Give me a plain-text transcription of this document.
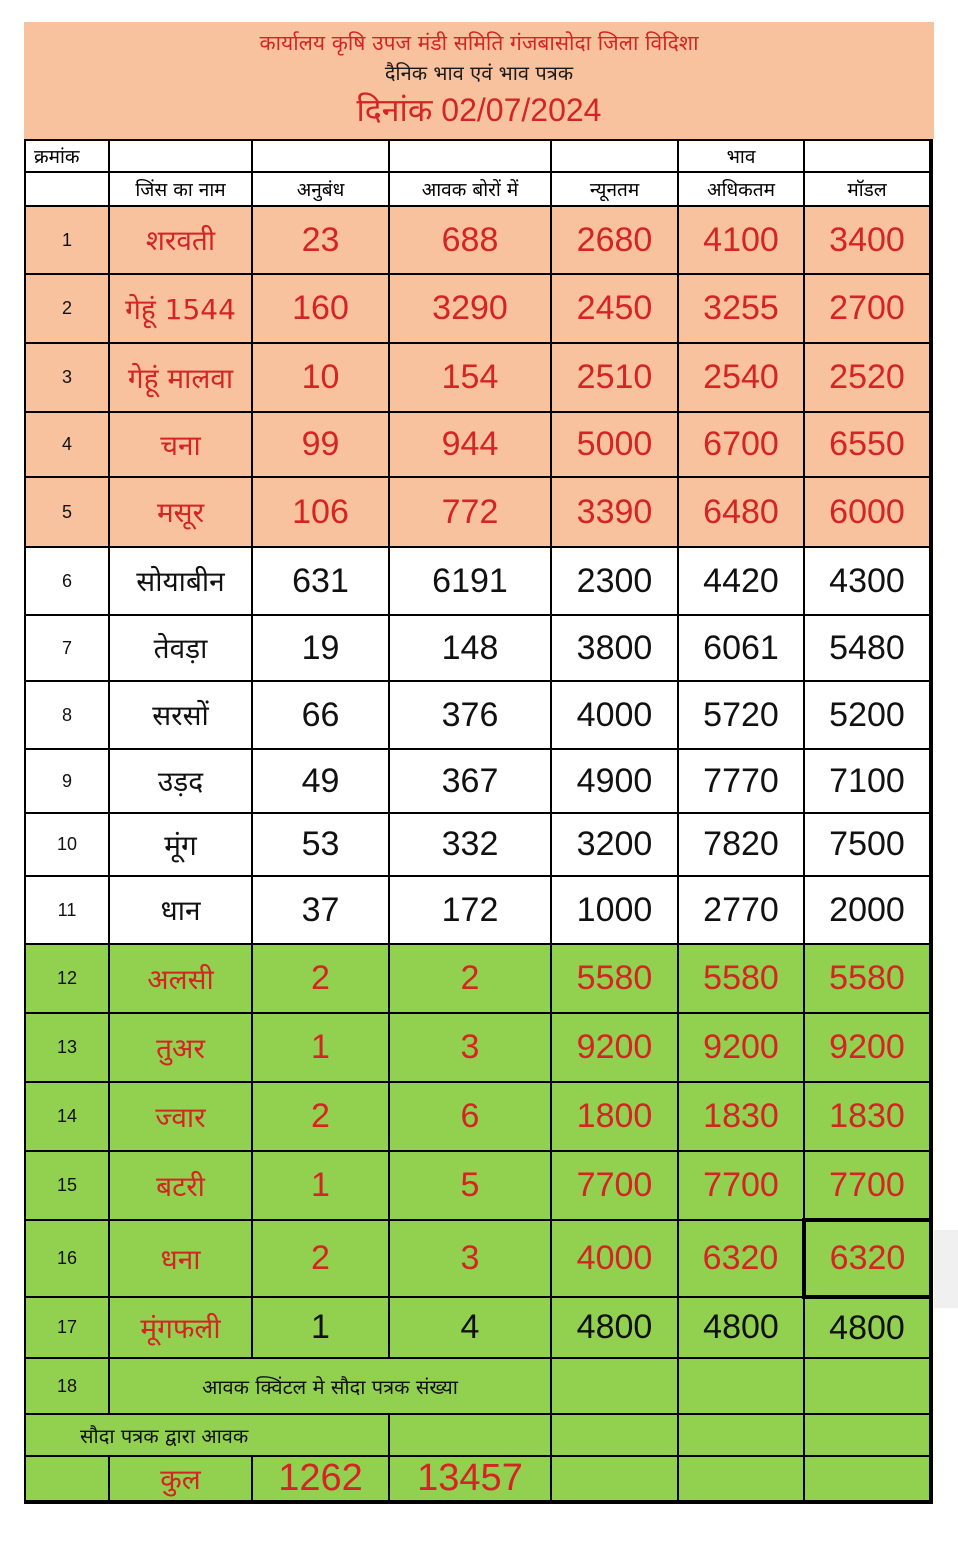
कार्यालय कृषि उपज मंडी समिति गंजबासोदा जिला विदिशा
दैनिक भाव एवं भाव पत्रक
दिनांक 02/07/2024
क्रमांक					भाव	
	जिंस का नाम	अनुबंध	आवक बोरों में	न्यूनतम	अधिकतम	मॉडल
1	शरवती	23	688	2680	4100	3400
2	गेहूं 1544	160	3290	2450	3255	2700
3	गेहूं मालवा	10	154	2510	2540	2520
4	चना	99	944	5000	6700	6550
5	मसूर	106	772	3390	6480	6000
6	सोयाबीन	631	6191	2300	4420	4300
7	तेवड़ा	19	148	3800	6061	5480
8	सरसों	66	376	4000	5720	5200
9	उड़द	49	367	4900	7770	7100
10	मूंग	53	332	3200	7820	7500
11	धान	37	172	1000	2770	2000
12	अलसी	2	2	5580	5580	5580
13	तुअर	1	3	9200	9200	9200
14	ज्वार	2	6	1800	1830	1830
15	बटरी	1	5	7700	7700	7700
16	धना	2	3	4000	6320	6320
17	मूंगफली	1	4	4800	4800	4800
18	आवक क्विंटल मे सौदा पत्रक संख्या					
सौदा पत्रक द्वारा आवक						
	कुल	1262	13457			
